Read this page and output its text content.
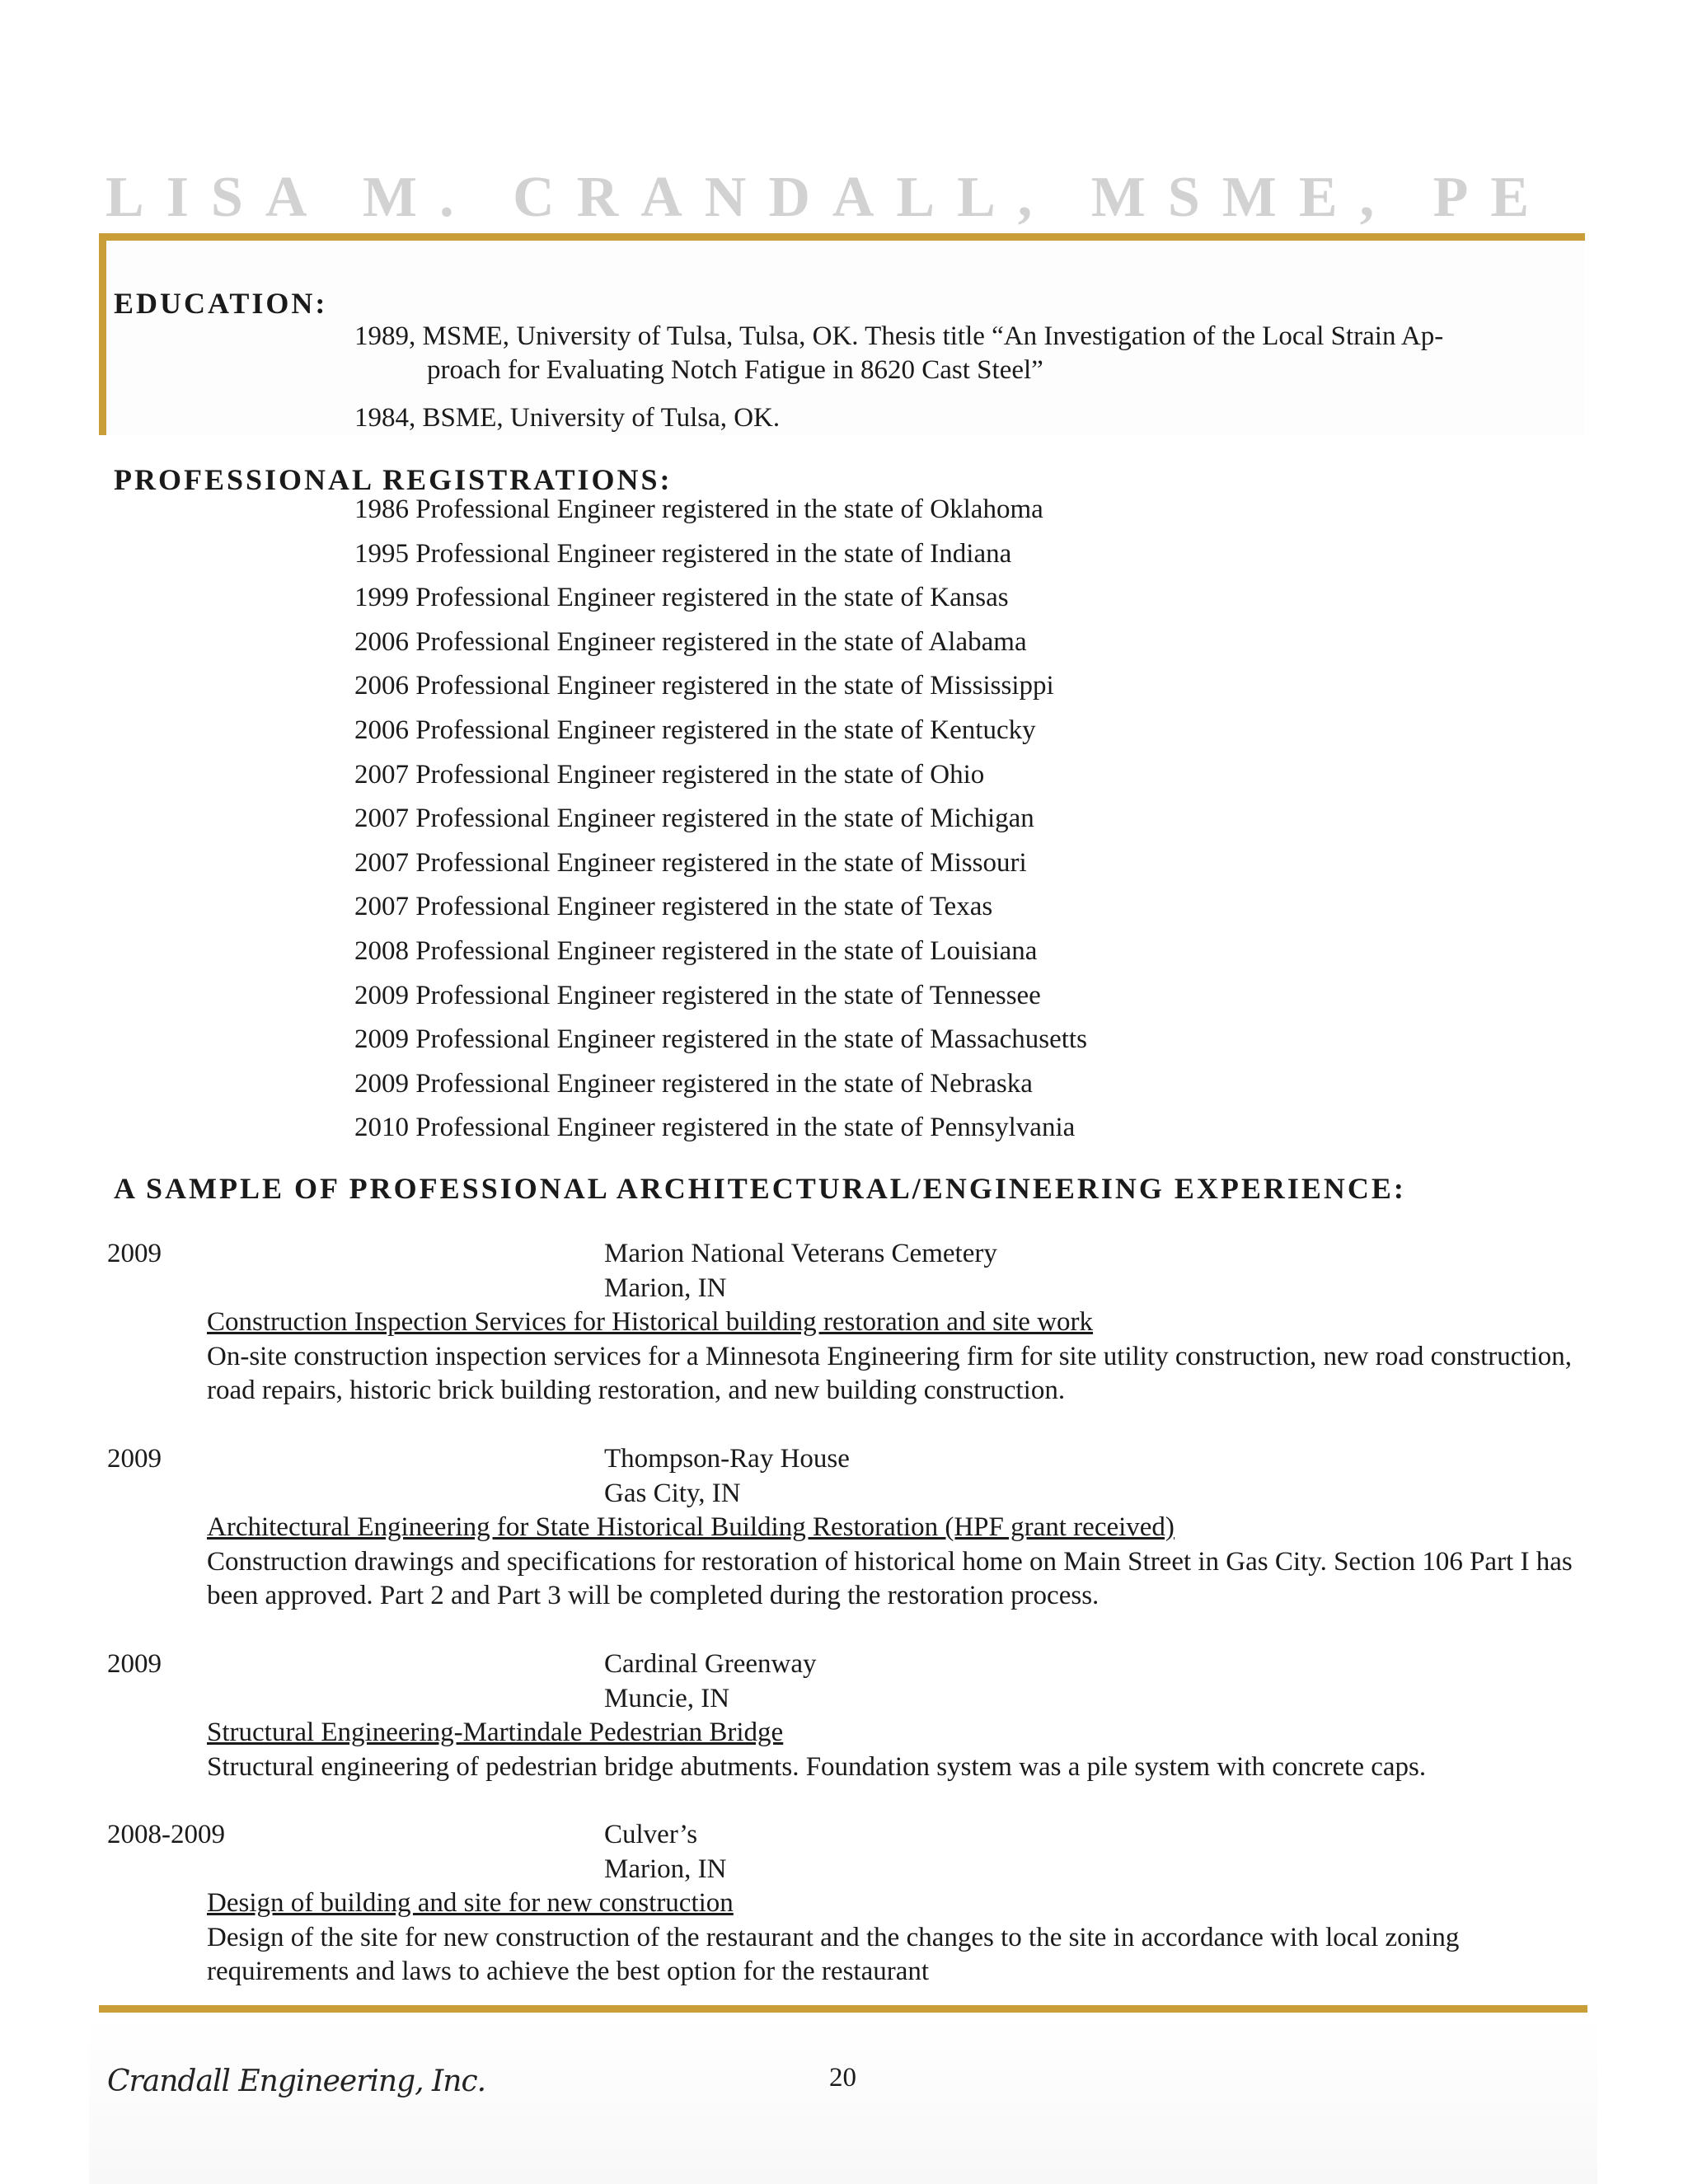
LISA M. CRANDALL, MSME, PE
EDUCATION:
1989, MSME, University of Tulsa, Tulsa, OK. Thesis title “An Investigation of the Local Strain Ap-
proach for Evaluating Notch Fatigue in 8620 Cast Steel”
1984, BSME, University of Tulsa, OK.
PROFESSIONAL REGISTRATIONS:
1986 Professional Engineer registered in the state of Oklahoma
1995 Professional Engineer registered in the state of Indiana
1999 Professional Engineer registered in the state of Kansas
2006 Professional Engineer registered in the state of Alabama
2006 Professional Engineer registered in the state of Mississippi
2006 Professional Engineer registered in the state of Kentucky
2007 Professional Engineer registered in the state of Ohio
2007 Professional Engineer registered in the state of Michigan
2007 Professional Engineer registered in the state of Missouri
2007 Professional Engineer registered in the state of Texas
2008 Professional Engineer registered in the state of Louisiana
2009 Professional Engineer registered in the state of Tennessee
2009 Professional Engineer registered in the state of Massachusetts
2009 Professional Engineer registered in the state of Nebraska
2010 Professional Engineer registered in the state of Pennsylvania
A SAMPLE OF PROFESSIONAL ARCHITECTURAL/ENGINEERING EXPERIENCE:
2009	Marion National Veterans Cemetery
Marion, IN
Construction Inspection Services for Historical building restoration and site work
On-site construction inspection services for a Minnesota Engineering firm for site utility construction, new road construction, road repairs, historic brick building restoration, and new building construction.
2009	Thompson-Ray House
Gas City, IN
Architectural Engineering for State Historical Building Restoration (HPF grant received)
Construction drawings and specifications for restoration of historical home on Main Street in Gas City. Section 106 Part I has been approved. Part 2 and Part 3 will be completed during the restoration process.
2009	Cardinal Greenway
Muncie, IN
Structural Engineering-Martindale Pedestrian Bridge
Structural engineering of pedestrian bridge abutments. Foundation system was a pile system with concrete caps.
2008-2009	Culver’s
Marion, IN
Design of building and site for new construction
Design of the site for new construction of the restaurant and the changes to the site in accordance with local zoning requirements and laws to achieve the best option for the restaurant
Crandall Engineering, Inc.	20
